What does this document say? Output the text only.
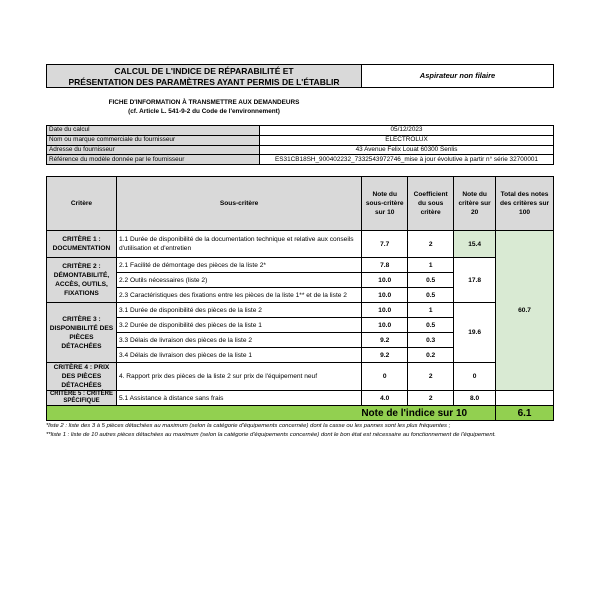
CALCUL DE L'INDICE DE RÉPARABILITÉ ET
PRÉSENTATION DES PARAMÈTRES AYANT PERMIS DE L'ÉTABLIR
Aspirateur non filaire
FICHE D'INFORMATION À TRANSMETTRE AUX DEMANDEURS
(cf. Article L. 541-9-2 du Code de l'environnement)
Date du calcul	05/12/2023
Nom ou marque commerciale du fournisseur	ELECTROLUX
Adresse du fournisseur	43 Avenue Felix Louat 60300 Senlis
Référence du modèle donnée par le fournisseur	ES31CB18SH_900402232_7332543972746_mise à jour évolutive à partir n° série 32700001
Critère	Sous-critère	Note du sous-critère sur 10	Coefficient du sous critère	Note du critère sur 20	Total des notes des critères sur 100
CRITÈRE 1 : DOCUMENTATION	1.1 Durée de disponibilité de la documentation technique et relative aux conseils d'utilisation et d'entretien	7.7	2	15.4	60.7
CRITÈRE 2 : DÉMONTABILITÉ, ACCÈS, OUTILS, FIXATIONS	2.1 Facilité de démontage des pièces de la liste 2*	7.8	1	17.8	
	2.2 Outils nécessaires (liste 2)	10.0	0.5		
	2.3 Caractéristiques des fixations entre les pièces de la liste 1** et de la liste 2	10.0	0.5		
CRITÈRE 3 : DISPONIBILITÉ DES PIÈCES DÉTACHÉES	3.1 Durée de disponibilité des pièces de la liste 2	10.0	1	19.6	
	3.2 Durée de disponibilité des pièces de la liste 1	10.0	0.5		
	3.3 Délais de livraison des pièces de la liste 2	9.2	0.3		
	3.4 Délais de livraison des pièces de la liste 1	9.2	0.2		
CRITÈRE 4 : PRIX DES PIÈCES DÉTACHÉES	4. Rapport prix des pièces de la liste 2 sur prix de l'équipement neuf	0	2	0	
CRITÈRE 5 : CRITÈRE SPÉCIFIQUE	5.1 Assistance à distance sans frais	4.0	2	8.0	
Note de l'indice sur 10					6.1
*liste 2 : liste des 3 à 5 pièces détachées au maximum (selon la catégorie d'équipements concernée) dont la casse ou les pannes sont les plus fréquentes ;
**liste 1 : liste de 10 autres pièces détachées au maximum (selon la catégorie d'équipements concernée) dont le bon état est nécessaire au fonctionnement de l'équipement.
